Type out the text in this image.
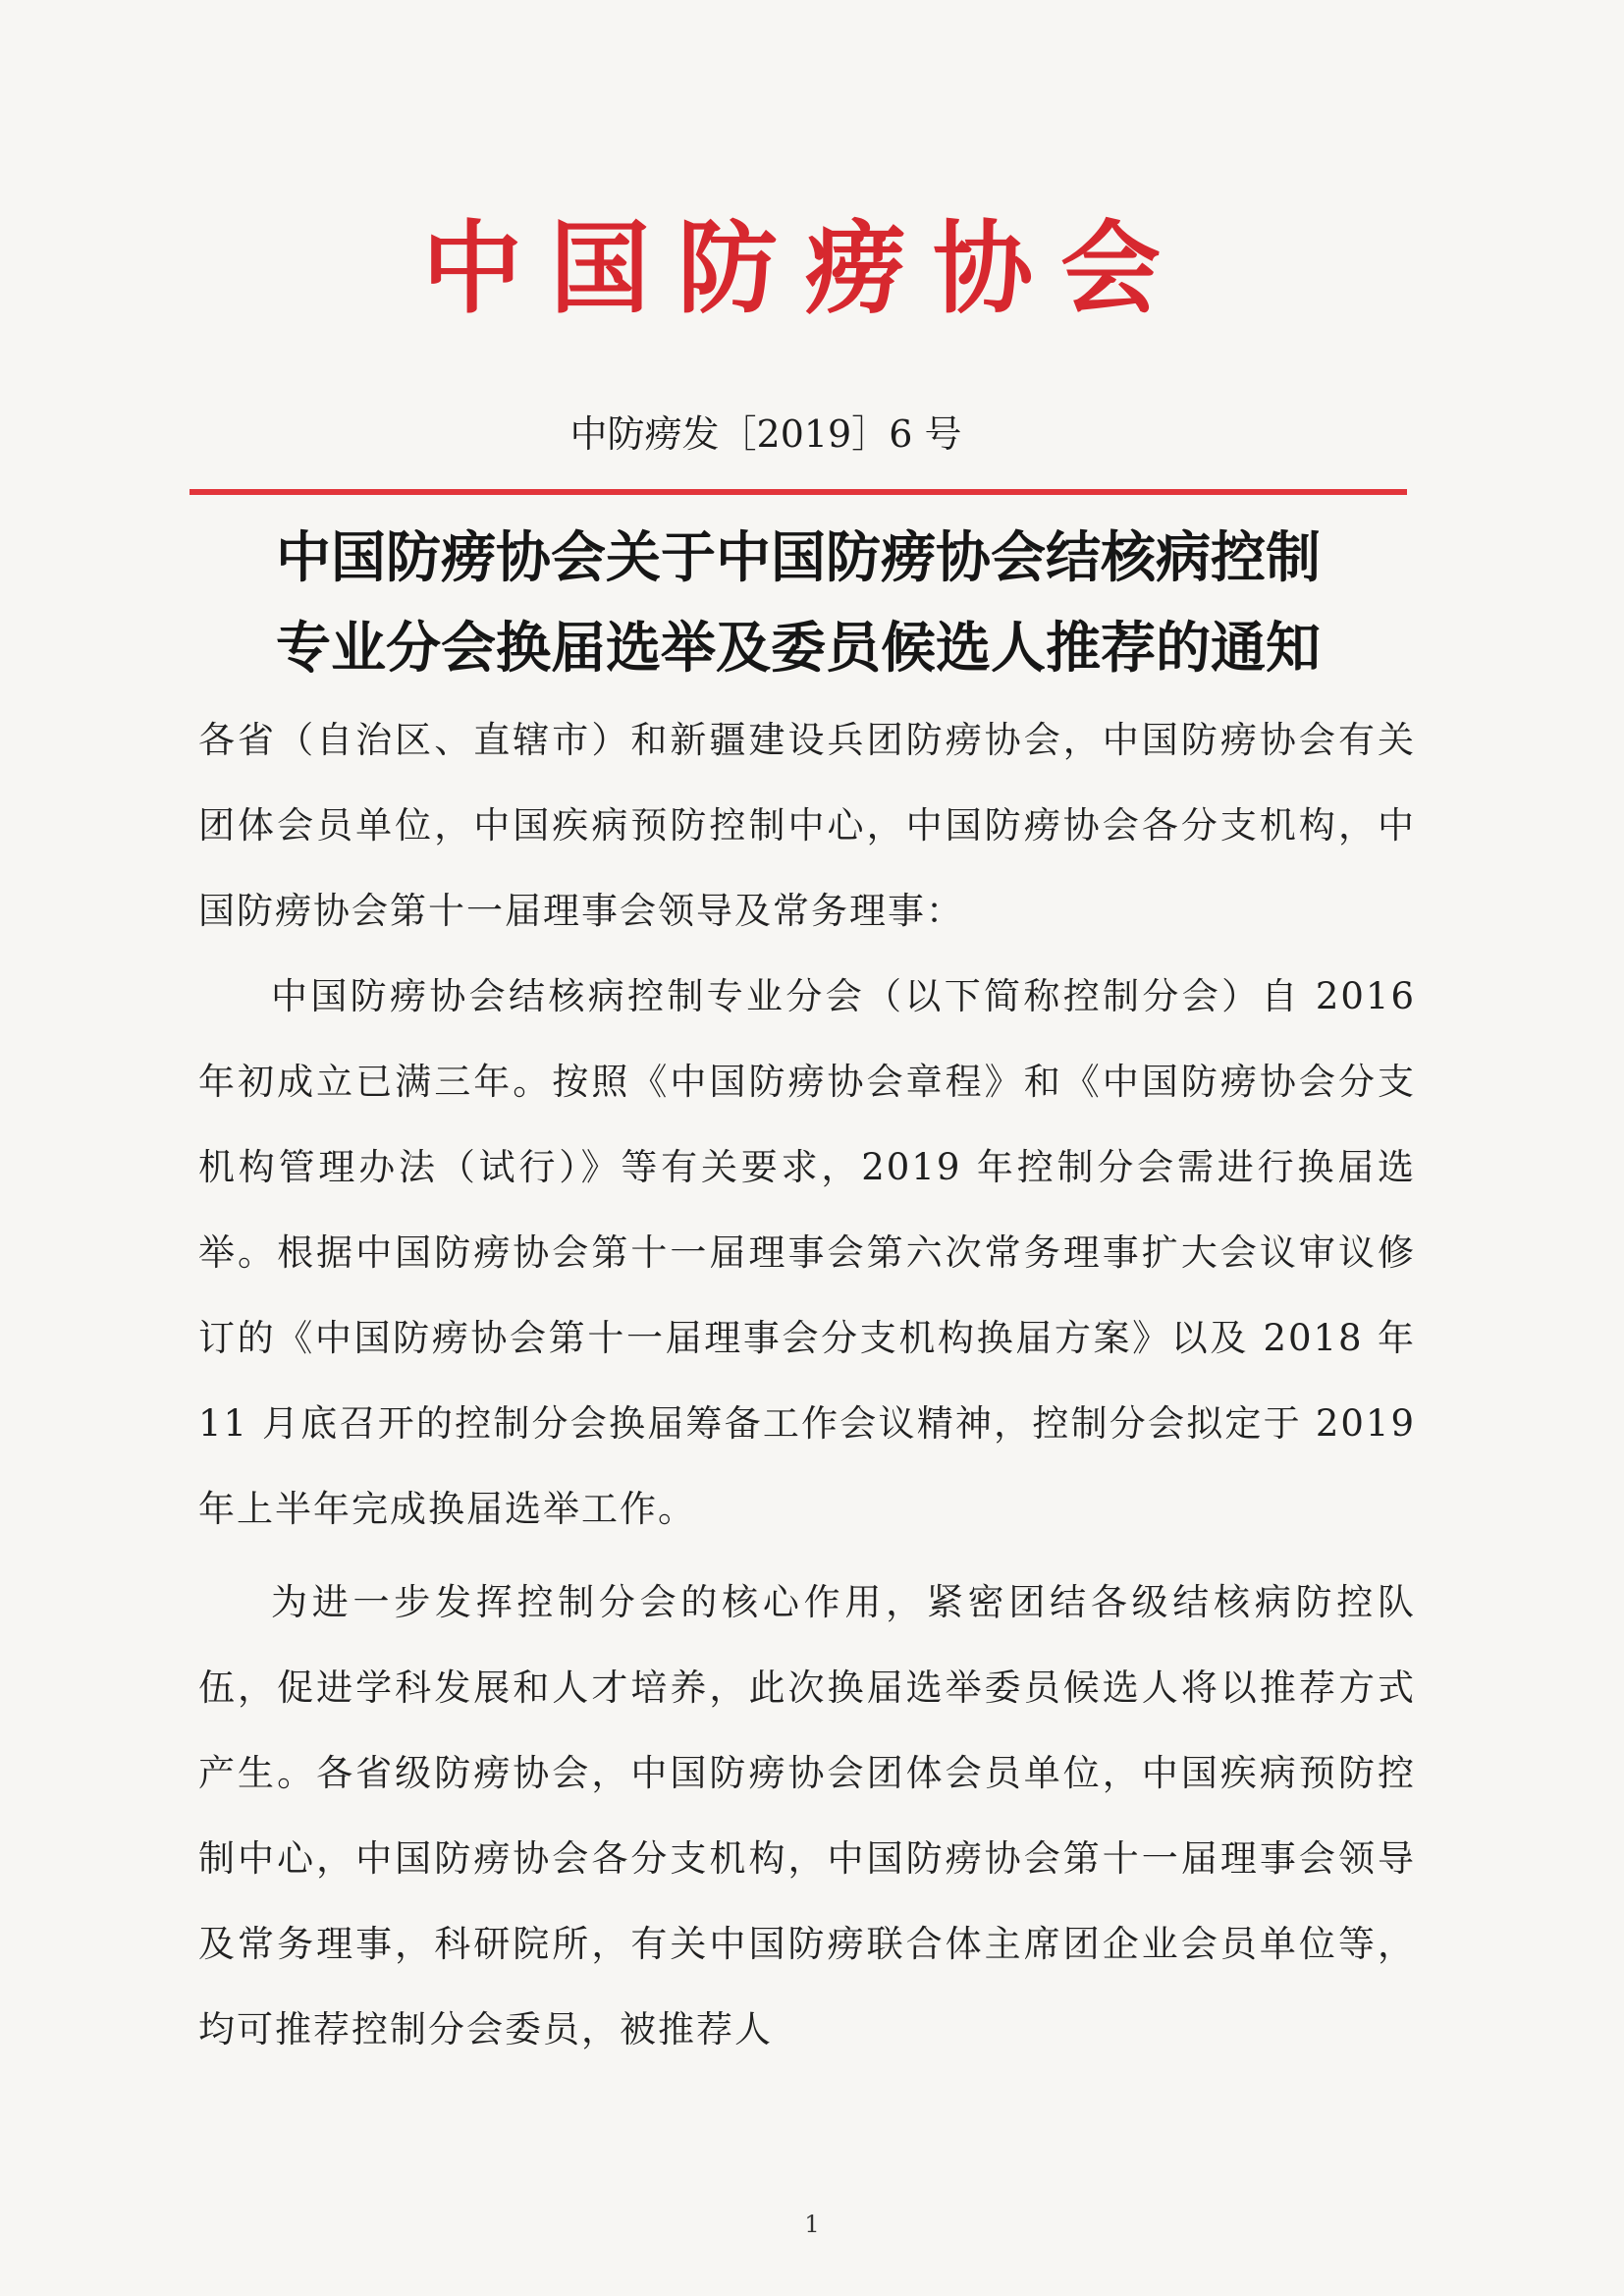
中国防痨协会
中防痨发［2019］6 号
中国防痨协会关于中国防痨协会结核病控制
专业分会换届选举及委员候选人推荐的通知

各省（自治区、直辖市）和新疆建设兵团防痨协会，中国防痨协会有关团体会员单位，中国疾病预防控制中心，中国防痨协会各分支机构，中国防痨协会第十一届理事会领导及常务理事：

中国防痨协会结核病控制专业分会（以下简称控制分会）自 2016 年初成立已满三年。按照《中国防痨协会章程》和《中国防痨协会分支机构管理办法（试行）》等有关要求，2019 年控制分会需进行换届选举。根据中国防痨协会第十一届理事会第六次常务理事扩大会议审议修订的《中国防痨协会第十一届理事会分支机构换届方案》以及 2018 年 11 月底召开的控制分会换届筹备工作会议精神，控制分会拟定于 2019 年上半年完成换届选举工作。

为进一步发挥控制分会的核心作用，紧密团结各级结核病防控队伍，促进学科发展和人才培养，此次换届选举委员候选人将以推荐方式产生。各省级防痨协会，中国防痨协会团体会员单位，中国疾病预防控制中心，中国防痨协会各分支机构，中国防痨协会第十一届理事会领导及常务理事，科研院所，有关中国防痨联合体主席团企业会员单位等，均可推荐控制分会委员，被推荐人

1
